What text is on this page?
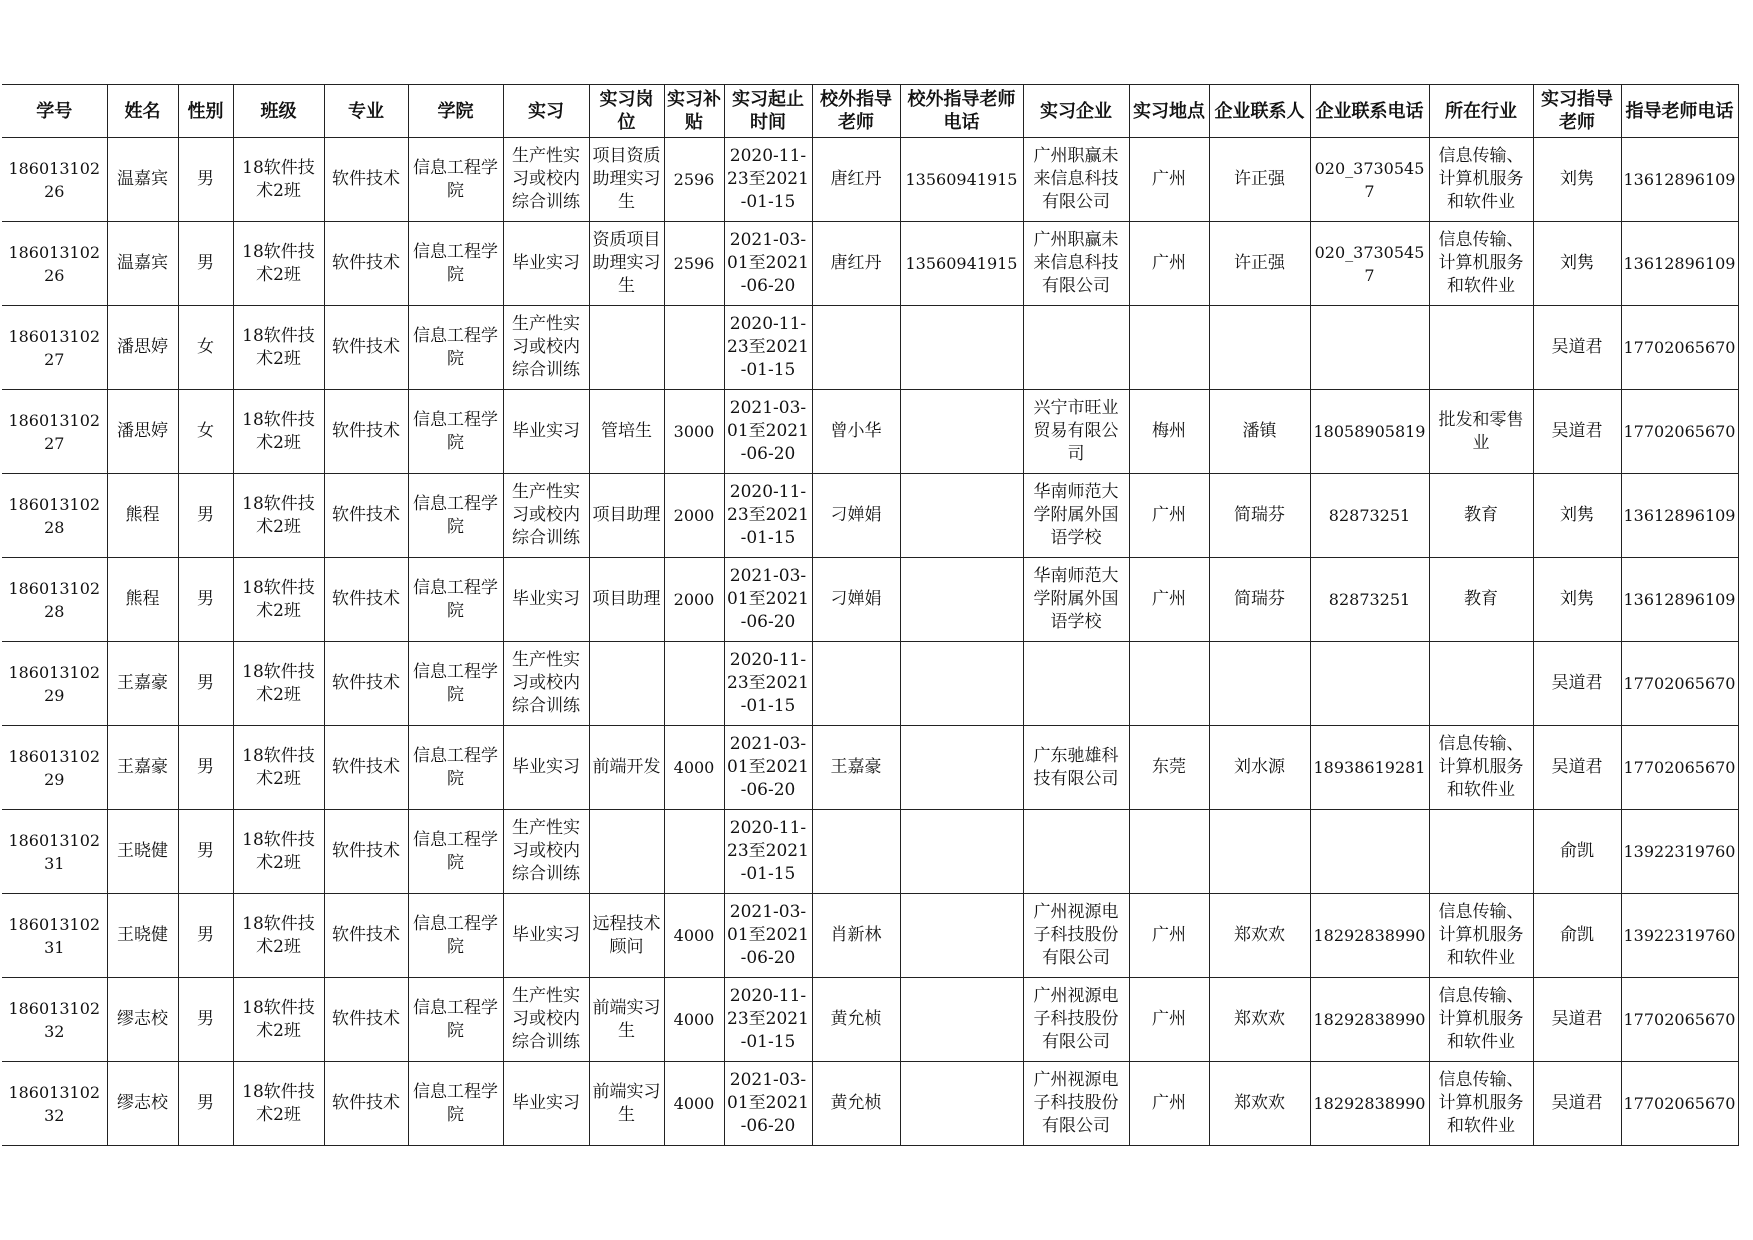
学号	姓名	性别	班级	专业	学院	实习	实习岗位	实习补贴	实习起止时间	校外指导老师	校外指导老师电话	实习企业	实习地点	企业联系人	企业联系电话	所在行业	实习指导老师	指导老师电话

18601310226	温嘉宾	男	18软件技术2班	软件技术	信息工程学院	生产性实习或校内综合训练	项目资质助理实习生	2596	2020-11-23至2021-01-15	唐红丹	13560941915	广州职赢未来信息科技有限公司	广州	许正强	020_37305457	信息传输、计算机服务和软件业	刘隽	13612896109

18601310226	温嘉宾	男	18软件技术2班	软件技术	信息工程学院	毕业实习	资质项目助理实习生	2596	2021-03-01至2021-06-20	唐红丹	13560941915	广州职赢未来信息科技有限公司	广州	许正强	020_37305457	信息传输、计算机服务和软件业	刘隽	13612896109

18601310227	潘思婷	女	18软件技术2班	软件技术	信息工程学院	生产性实习或校内综合训练			2020-11-23至2021-01-15								吴道君	17702065670

18601310227	潘思婷	女	18软件技术2班	软件技术	信息工程学院	毕业实习	管培生	3000	2021-03-01至2021-06-20	曾小华		兴宁市旺业贸易有限公司	梅州	潘镇	18058905819	批发和零售业	吴道君	17702065670

18601310228	熊程	男	18软件技术2班	软件技术	信息工程学院	生产性实习或校内综合训练	项目助理	2000	2020-11-23至2021-01-15	刁婵娟		华南师范大学附属外国语学校	广州	简瑞芬	82873251	教育	刘隽	13612896109

18601310228	熊程	男	18软件技术2班	软件技术	信息工程学院	毕业实习	项目助理	2000	2021-03-01至2021-06-20	刁婵娟		华南师范大学附属外国语学校	广州	简瑞芬	82873251	教育	刘隽	13612896109

18601310229	王嘉豪	男	18软件技术2班	软件技术	信息工程学院	生产性实习或校内综合训练			2020-11-23至2021-01-15								吴道君	17702065670

18601310229	王嘉豪	男	18软件技术2班	软件技术	信息工程学院	毕业实习	前端开发	4000	2021-03-01至2021-06-20	王嘉豪		广东驰雄科技有限公司	东莞	刘水源	18938619281	信息传输、计算机服务和软件业	吴道君	17702065670

18601310231	王晓健	男	18软件技术2班	软件技术	信息工程学院	生产性实习或校内综合训练			2020-11-23至2021-01-15								俞凯	13922319760

18601310231	王晓健	男	18软件技术2班	软件技术	信息工程学院	毕业实习	远程技术顾问	4000	2021-03-01至2021-06-20	肖新林		广州视源电子科技股份有限公司	广州	郑欢欢	18292838990	信息传输、计算机服务和软件业	俞凯	13922319760

18601310232	缪志校	男	18软件技术2班	软件技术	信息工程学院	生产性实习或校内综合训练	前端实习生	4000	2020-11-23至2021-01-15	黄允桢		广州视源电子科技股份有限公司	广州	郑欢欢	18292838990	信息传输、计算机服务和软件业	吴道君	17702065670

18601310232	缪志校	男	18软件技术2班	软件技术	信息工程学院	毕业实习	前端实习生	4000	2021-03-01至2021-06-20	黄允桢		广州视源电子科技股份有限公司	广州	郑欢欢	18292838990	信息传输、计算机服务和软件业	吴道君	17702065670
